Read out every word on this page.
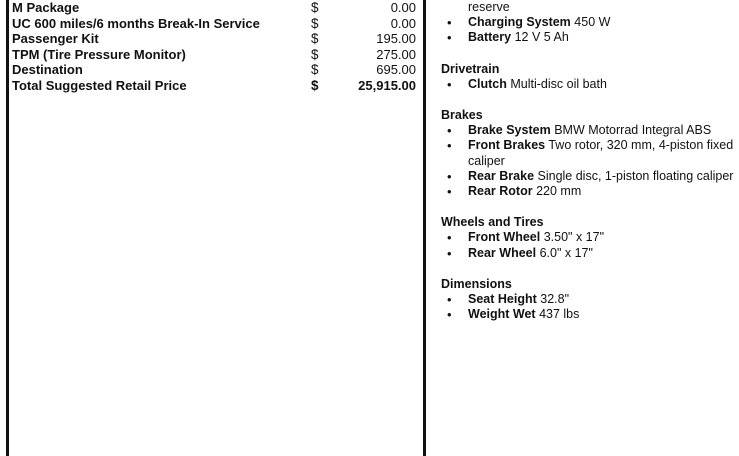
M Package	$	0.00
UC 600 miles/6 months Break-In Service	$	0.00
Passenger Kit	$	195.00
TPM (Tire Pressure Monitor)	$	275.00
Destination	$	695.00
Total Suggested Retail Price	$	25,915.00
reserve
• Charging System 450 W
• Battery 12 V 5 Ah
Drivetrain
• Clutch Multi-disc oil bath
Brakes
• Brake System BMW Motorrad Integral ABS
• Front Brakes Two rotor, 320 mm, 4-piston fixed caliper
• Rear Brake Single disc, 1-piston floating caliper
• Rear Rotor 220 mm
Wheels and Tires
• Front Wheel 3.50" x 17"
• Rear Wheel 6.0" x 17"
Dimensions
• Seat Height 32.8"
• Weight Wet 437 lbs
